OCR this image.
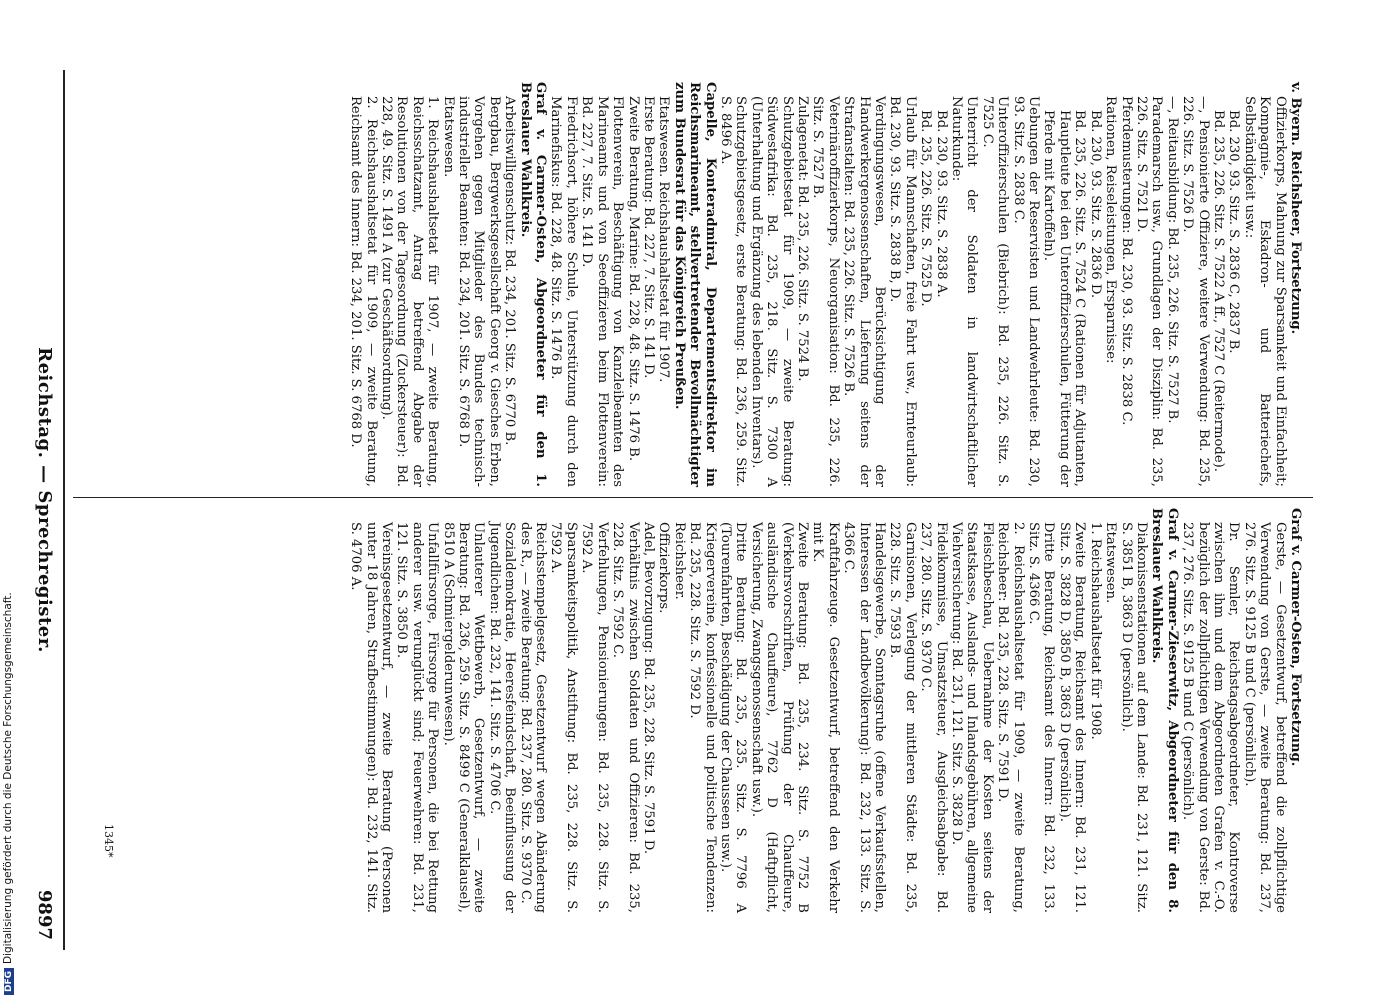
Reichstag. — Sprechregister.
9897

v. Byern. Reichsheer, Fortsetzung.

Offizierkorps, Mahnung zur Sparsamkeit und Einfachheit; Kompagnie-, Eskadron- und Batteriechefs, Selbständigkeit usw.:

Bd. 230, 93. Sitz. S. 2836 C, 2837 B.

Bd. 235, 226. Sitz. S. 7522 A ff., 7527 C (Reitermode).

—, Pensionierte Offiziere, weitere Verwendung: Bd. 235, 226. Sitz. S. 7526 D.

—, Reitausbildung: Bd. 235, 226. Sitz. S. 7527 B.

Parademarsch usw., Grundlagen der Disziplin: Bd. 235, 226. Sitz. S. 7521 D.

Pferdemusterungen: Bd. 230, 93. Sitz. S. 2838 C.

Rationen, Reiseleistungen, Ersparnisse:

Bd. 230, 93. Sitz. S. 2836 D.

Bd. 235, 226. Sitz. S. 7524 C (Rationen für Adjutanten, Hauptleute bei den Unteroffizierschulen, Fütterung der Pferde mit Kartoffeln).

Uebungen der Reservisten und Landwehrleute: Bd. 230, 93. Sitz. S. 2838 C.

Unteroffizierschulen (Biebrich): Bd. 235, 226. Sitz. S. 7525 C.

Unterricht der Soldaten in landwirtschaftlicher Naturkunde:

Bd. 230, 93. Sitz. S. 2838 A.

Bd. 235, 226. Sitz. S. 7525 D.

Urlaub für Mannschaften, freie Fahrt usw., Ernteurlaub: Bd. 230, 93. Sitz. S. 2838 B, D.

Verdingungswesen, Berücksichtigung der Handwerkergenossenschaften, Lieferung seitens der Strafanstalten: Bd. 235, 226. Sitz. S. 7526 B.

Veterinäroffizierkorps, Neuorganisation: Bd. 235, 226. Sitz. S. 7527 B.

Zulagenetat: Bd. 235, 226. Sitz. S. 7524 B.

Schutzgebietsetat für 1909, — zweite Beratung: Südwestafrika: Bd. 235, 218. Sitz. S. 7300 A (Unterhaltung und Ergänzung des lebenden Inventars).

Schutzgebietsgesetz, erste Beratung: Bd. 236, 259. Sitz. S. 8496 A.

Capelle, Konteradmiral, Departementsdirektor im Reichsmarineamt, stellvertretender Bevollmächtigter zum Bundesrat für das Königreich Preußen.

Etatswesen. Reichshaushaltsetat für 1907.

Erste Beratung: Bd. 227, 7. Sitz. S. 141 D.

Zweite Beratung, Marine: Bd. 228, 48. Sitz. S. 1476 B.

Flottenverein, Beschäftigung von Kanzleibeamten des Marineamts und von Seeoffizieren beim Flottenverein: Bd. 227, 7. Sitz. S. 141 D.

Friedrichsort, höhere Schule, Unterstützung durch den Marinefiskus: Bd. 228, 48. Sitz. S. 1476 B.

Graf v. Carmer-Osten, Abgeordneter für den 1. Breslauer Wahlkreis.

Arbeitswilligenschutz: Bd. 234, 201. Sitz. S. 6770 B.

Bergbau, Bergwerksgesellschaft Georg v. Giesches Erben, Vorgehen gegen Mitglieder des Bundes technisch-industrieller Beamten: Bd. 234, 201. Sitz. S. 6768 D.

Etatswesen.

1. Reichshaushaltsetat für 1907, — zweite Beratung, Reichsschatzamt, Antrag betreffend Abgabe der Resolutionen von der Tagesordnung (Zuckersteuer): Bd. 228, 49. Sitz. S. 1491 A (zur Geschäftsordnung).

2. Reichshaushaltsetat für 1909, — zweite Beratung, Reichsamt des Innern: Bd. 234, 201. Sitz. S. 6768 D.

Graf v. Carmer-Osten, Fortsetzung.

Gerste, — Gesetzentwurf, betreffend die zollpflichtige Verwendung von Gerste, — zweite Beratung: Bd. 237, 276. Sitz. S. 9125 B und C (persönlich).

Dr. Semler, Reichstagsabgeordneter, Kontroverse zwischen ihm und dem Abgeordneten Grafen v. C.-O. bezüglich der zollpflichtigen Verwendung von Gerste: Bd. 237, 276. Sitz. S. 9125 B und C (persönlich).

Graf v. Carmer-Zieserwitz, Abgeordneter für den 8. Breslauer Wahlkreis.

Diakonissenstationen auf dem Lande: Bd. 231, 121. Sitz. S. 3851 B, 3863 D (persönlich).

Etatswesen.

1. Reichshaushaltsetat für 1908.

Zweite Beratung, Reichsamt des Innern: Bd. 231, 121. Sitz. S. 3828 D, 3850 B, 3863 D (persönlich).

Dritte Beratung, Reichsamt des Innern: Bd. 232, 133. Sitz. S. 4366 C.

2. Reichshaushaltsetat für 1909, — zweite Beratung, Reichsheer: Bd. 235, 228. Sitz. S. 7591 D.

Fleischbeschau, Uebernahme der Kosten seitens der Staatskasse, Auslands- und Inlandsgebühren, allgemeine Viehversicherung: Bd. 231, 121. Sitz. S. 3828 D.

Fideikommisse, Umsatzsteuer, Ausgleichsabgabe: Bd. 237, 280. Sitz. S. 9370 C.

Garnisonen, Verlegung der mittleren Städte: Bd. 235, 228. Sitz. S. 7593 B.

Handelsgewerbe, Sonntagsruhe (offene Verkaufsstellen, Interessen der Landbevölkerung): Bd. 232, 133. Sitz. S. 4366 C.

Kraftfahrzeuge. Gesetzentwurf, betreffend den Verkehr mit K.

Zweite Beratung: Bd. 235, 234. Sitz. S. 7752 B (Verkehrsvorschriften, Prüfung der Chauffeure, ausländische Chauffeure), 7762 D (Haftpflicht, Versicherung, Zwangsgenossenschaft usw.).

Dritte Beratung: Bd. 235, 235. Sitz. S. 7796 A (Tourenfahrten, Beschädigung der Chausseen usw.).

Kriegervereine, konfessionelle und politische Tendenzen: Bd. 235, 228. Sitz. S. 7592 D.

Reichsheer.

Offizierkorps.

Adel, Bevorzugung: Bd. 235, 228. Sitz. S. 7591 D.

Verhältnis zwischen Soldaten und Offizieren: Bd. 235, 228. Sitz. S. 7592 C.

Verfehlungen, Pensionierungen: Bd. 235, 228. Sitz. S. 7592 A.

Sparsamkeitspolitik, Anstiftung: Bd. 235, 228. Sitz. S. 7592 A.

Reichsstempelgesetz, Gesetzentwurf wegen Abänderung des R., — zweite Beratung: Bd. 237, 280. Sitz. S. 9370 C.

Sozialdemokratie, Heeresfeindschaft, Beeinflussung der Jugendlichen: Bd. 232, 141. Sitz. S. 4706 C.

Unlauterer Wettbewerb, Gesetzentwurf, — zweite Beratung: Bd. 236, 259. Sitz. S. 8499 C (Generalklausel), 8510 A (Schmiergelderunwesen).

Unfallfürsorge, Fürsorge für Personen, die bei Rettung anderer usw. verunglückt sind; Feuerwehren: Bd. 231, 121. Sitz. S. 3850 B.

Vereinsgesetzentwurf, — zweite Beratung (Personen unter 18 Jahren, Strafbestimmungen): Bd. 232, 141. Sitz. S. 4706 A.

1345*
DFGDigitalisierung gefördert durch die Deutsche Forschungsgemeinschaft.
